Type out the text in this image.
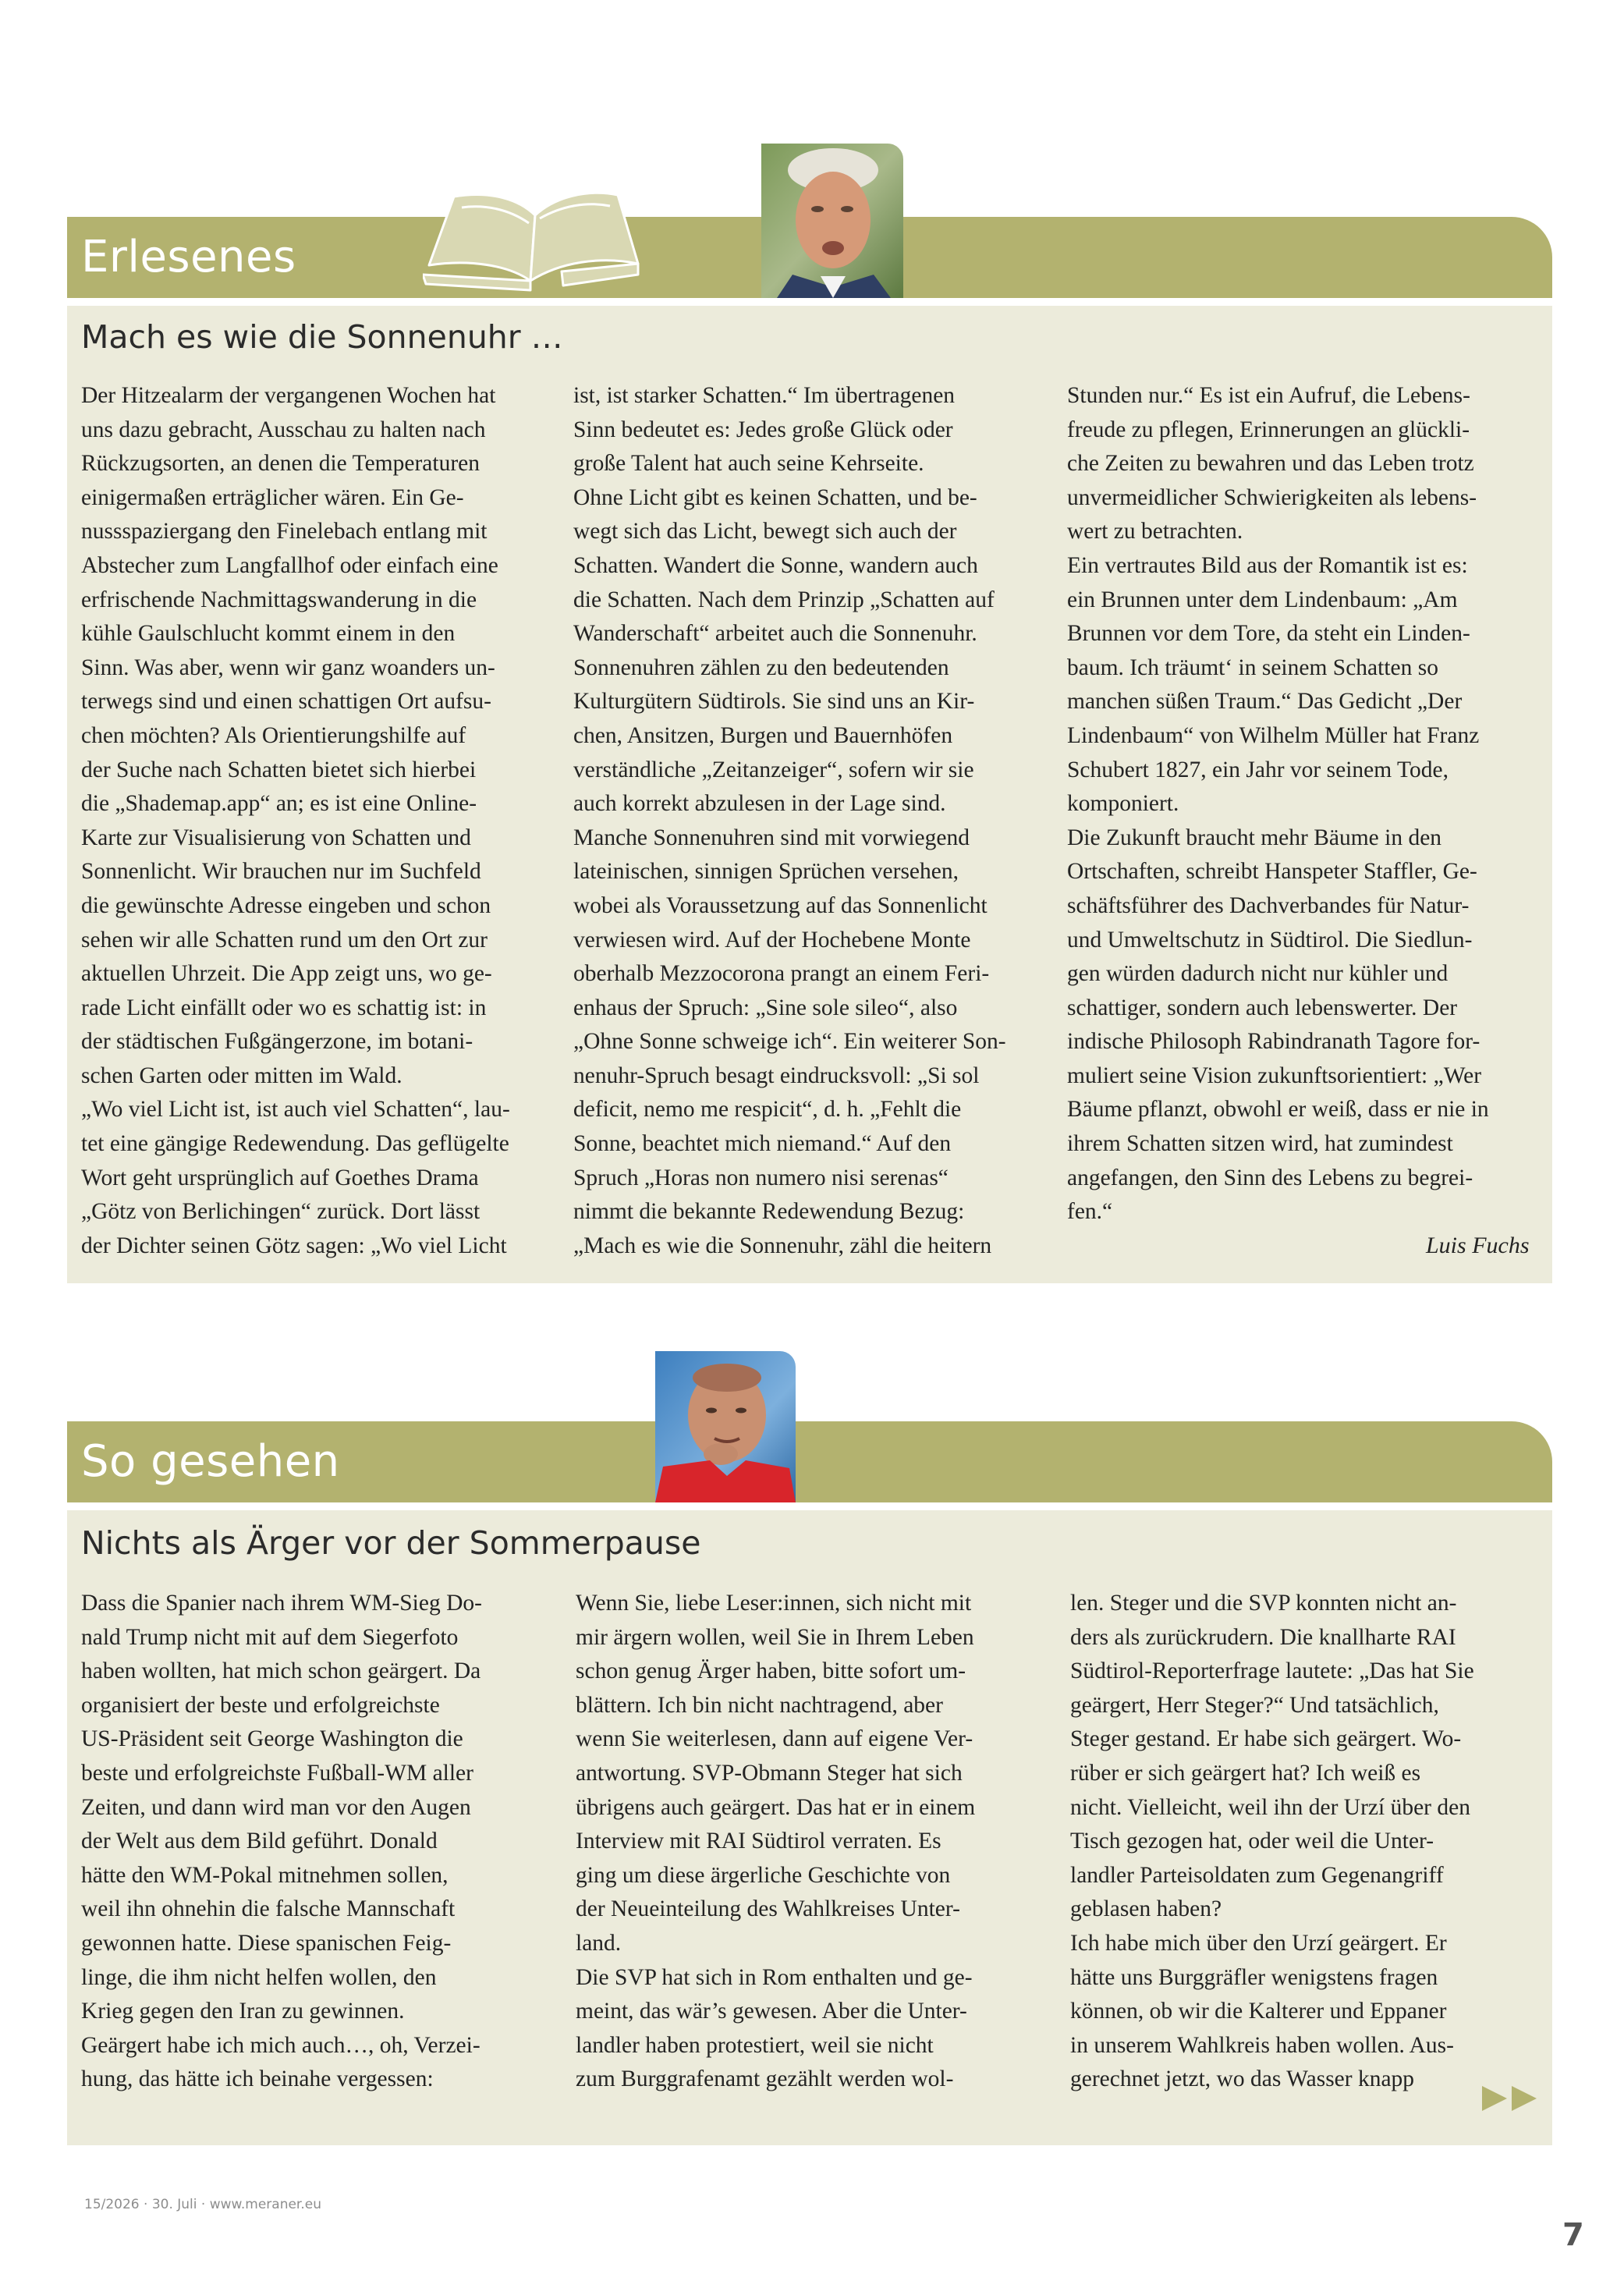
Erlesenes
Mach es wie die Sonnenuhr …
Der Hitzealarm der vergangenen Wochen hat
uns dazu gebracht, Ausschau zu halten nach
Rückzugsorten, an denen die Temperaturen
einigermaßen erträglicher wären. Ein Ge-
nussspaziergang den Finelebach entlang mit
Abstecher zum Langfallhof oder einfach eine
erfrischende Nachmittagswanderung in die
kühle Gaulschlucht kommt einem in den
Sinn. Was aber, wenn wir ganz woanders un-
terwegs sind und einen schattigen Ort aufsu-
chen möchten? Als Orientierungshilfe auf
der Suche nach Schatten bietet sich hierbei
die „Shademap.app“ an; es ist eine Online-
Karte zur Visualisierung von Schatten und
Sonnenlicht. Wir brauchen nur im Suchfeld
die gewünschte Adresse eingeben und schon
sehen wir alle Schatten rund um den Ort zur
aktuellen Uhrzeit. Die App zeigt uns, wo ge-
rade Licht einfällt oder wo es schattig ist: in
der städtischen Fußgängerzone, im botani-
schen Garten oder mitten im Wald.
„Wo viel Licht ist, ist auch viel Schatten“, lau-
tet eine gängige Redewendung. Das geflügelte
Wort geht ursprünglich auf Goethes Drama
„Götz von Berlichingen“ zurück. Dort lässt
der Dichter seinen Götz sagen: „Wo viel Licht
ist, ist starker Schatten.“ Im übertragenen
Sinn bedeutet es: Jedes große Glück oder
große Talent hat auch seine Kehrseite.
Ohne Licht gibt es keinen Schatten, und be-
wegt sich das Licht, bewegt sich auch der
Schatten. Wandert die Sonne, wandern auch
die Schatten. Nach dem Prinzip „Schatten auf
Wanderschaft“ arbeitet auch die Sonnenuhr.
Sonnenuhren zählen zu den bedeutenden
Kulturgütern Südtirols. Sie sind uns an Kir-
chen, Ansitzen, Burgen und Bauernhöfen
verständliche „Zeitanzeiger“, sofern wir sie
auch korrekt abzulesen in der Lage sind.
Manche Sonnenuhren sind mit vorwiegend
lateinischen, sinnigen Sprüchen versehen,
wobei als Voraussetzung auf das Sonnenlicht
verwiesen wird. Auf der Hochebene Monte
oberhalb Mezzocorona prangt an einem Feri-
enhaus der Spruch: „Sine sole sileo“, also
„Ohne Sonne schweige ich“. Ein weiterer Son-
nenuhr-Spruch besagt eindrucksvoll: „Si sol
deficit, nemo me respicit“, d. h. „Fehlt die
Sonne, beachtet mich niemand.“ Auf den
Spruch „Horas non numero nisi serenas“
nimmt die bekannte Redewendung Bezug:
„Mach es wie die Sonnenuhr, zähl die heitern
Stunden nur.“ Es ist ein Aufruf, die Lebens-
freude zu pflegen, Erinnerungen an glückli-
che Zeiten zu bewahren und das Leben trotz
unvermeidlicher Schwierigkeiten als lebens-
wert zu betrachten.
Ein vertrautes Bild aus der Romantik ist es:
ein Brunnen unter dem Lindenbaum: „Am
Brunnen vor dem Tore, da steht ein Linden-
baum. Ich träumt‘ in seinem Schatten so
manchen süßen Traum.“ Das Gedicht „Der
Lindenbaum“ von Wilhelm Müller hat Franz
Schubert 1827, ein Jahr vor seinem Tode,
komponiert.
Die Zukunft braucht mehr Bäume in den
Ortschaften, schreibt Hanspeter Staffler, Ge-
schäftsführer des Dachverbandes für Natur-
und Umweltschutz in Südtirol. Die Siedlun-
gen würden dadurch nicht nur kühler und
schattiger, sondern auch lebenswerter. Der
indische Philosoph Rabindranath Tagore for-
muliert seine Vision zukunftsorientiert: „Wer
Bäume pflanzt, obwohl er weiß, dass er nie in
ihrem Schatten sitzen wird, hat zumindest
angefangen, den Sinn des Lebens zu begrei-
fen.“
Luis Fuchs
So gesehen
Nichts als Ärger vor der Sommerpause
Dass die Spanier nach ihrem WM-Sieg Do-
nald Trump nicht mit auf dem Siegerfoto
haben wollten, hat mich schon geärgert. Da
organisiert der beste und erfolgreichste
US-Präsident seit George Washington die
beste und erfolgreichste Fußball-WM aller
Zeiten, und dann wird man vor den Augen
der Welt aus dem Bild geführt. Donald
hätte den WM-Pokal mitnehmen sollen,
weil ihn ohnehin die falsche Mannschaft
gewonnen hatte. Diese spanischen Feig-
linge, die ihm nicht helfen wollen, den
Krieg gegen den Iran zu gewinnen.
Geärgert habe ich mich auch…, oh, Verzei-
hung, das hätte ich beinahe vergessen:
Wenn Sie, liebe Leser:innen, sich nicht mit
mir ärgern wollen, weil Sie in Ihrem Leben
schon genug Ärger haben, bitte sofort um-
blättern. Ich bin nicht nachtragend, aber
wenn Sie weiterlesen, dann auf eigene Ver-
antwortung. SVP-Obmann Steger hat sich
übrigens auch geärgert. Das hat er in einem
Interview mit RAI Südtirol verraten. Es
ging um diese ärgerliche Geschichte von
der Neueinteilung des Wahlkreises Unter-
land.
Die SVP hat sich in Rom enthalten und ge-
meint, das wär’s gewesen. Aber die Unter-
landler haben protestiert, weil sie nicht
zum Burggrafenamt gezählt werden wol-
len. Steger und die SVP konnten nicht an-
ders als zurückrudern. Die knallharte RAI
Südtirol-Reporterfrage lautete: „Das hat Sie
geärgert, Herr Steger?“ Und tatsächlich,
Steger gestand. Er habe sich geärgert. Wo-
rüber er sich geärgert hat? Ich weiß es
nicht. Vielleicht, weil ihn der Urzí über den
Tisch gezogen hat, oder weil die Unter-
landler Parteisoldaten zum Gegenangriff
geblasen haben?
Ich habe mich über den Urzí geärgert. Er
hätte uns Burggräfler wenigstens fragen
können, ob wir die Kalterer und Eppaner
in unserem Wahlkreis haben wollen. Aus-
gerechnet jetzt, wo das Wasser knapp
15/2026 · 30. Juli · www.meraner.eu
7
